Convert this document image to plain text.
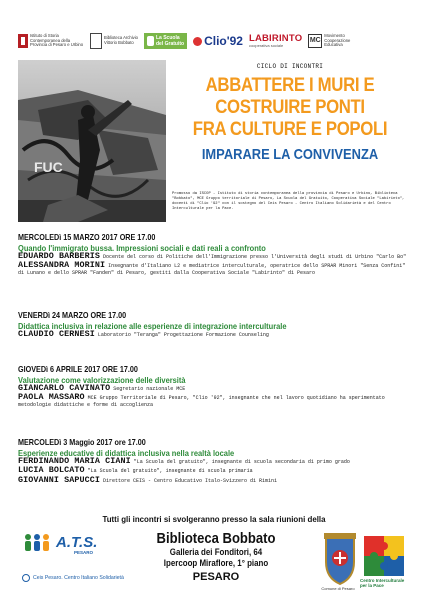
Istituto di Storia Contemporanea della Provincia di Pesaro e Urbino
Biblioteca Archivio Vittorio Bobbato
La Scuola
del Gratuito Clio'92 LABIRINTO
cooperativa sociale
MC
Movimento Cooperazione Educativa
FUC
CICLO DI INCONTRI
ABBATTERE I MURI E
COSTRUIRE PONTI
FRA CULTURE E POPOLI
IMPARARE LA CONVIVENZA
Promosso da ISCOP - Istituto di storia contemporanea della provincia di Pesaro e Urbino, Biblioteca "Bobbato", MCE Gruppo territoriale di Pesaro, La Scuola del Gratuito, Cooperativa Sociale "Labirinto", docenti di "Clio '92" con il sostegno del Ceis Pesaro - Centro Italiano Solidarietà e del Centro Interculturale per la Pace.
MERCOLEDì 15 MARZO 2017 ORE 17.00
Quando l'immigrato bussa. Impressioni sociali e dati reali a confronto
EDUARDO BARBERIS Docente del corso di Politiche dell'Immigrazione presso l'Università degli studi di Urbino "Carlo Bo"
ALESSANDRA MORINI Insegnante d'Italiano L2 e mediatrice interculturale, operatrice dello SPRAR Minori "Senza Confini" di Lunano e dello SPRAR "Fanden" di Pesaro, gestiti dalla Cooperativa Sociale "Labirinto" di Pesaro
VENERDì 24 MARZO ORE 17.00
Didattica inclusiva in relazione alle esperienze di integrazione interculturale
CLAUDIO CERNESI Laboratorio "Teranga" Progettazione Formazione Counseling
GIOVEDì 6 APRILE 2017 ORE 17.00
Valutazione come valorizzazione delle diversità
GIANCARLO CAVINATO Segretario nazionale MCE
PAOLA MASSARO MCE Gruppo Territoriale di Pesaro, "Clio '92", insegnante che nel lavoro quotidiano ha sperimentato metodologie didattiche e forme di accoglienza
MERCOLEDì 3 Maggio 2017 ore 17.00
Esperienze educative di didattica inclusiva nella realtà locale
FERDINANDO MARIA CIANI "La Scuola del gratuito", insegnante di scuola secondaria di primo grado
LUCIA BOLCATO "La Scuola del gratuito", insegnante di scuola primaria
GIOVANNI SAPUCCI Direttore CEIS - Centro Educativo Italo-Svizzero di Rimini
Tutti gli incontri si svolgeranno presso la sala riunioni della
A.T.S.
PESARO
Ceis Pesaro. Centro Italiano Solidarietà
Biblioteca Bobbato
Galleria dei Fonditori, 64
Ipercoop Miraflore, 1° piano
PESARO
Comune di Pesaro
Centro Interculturale per la Pace
